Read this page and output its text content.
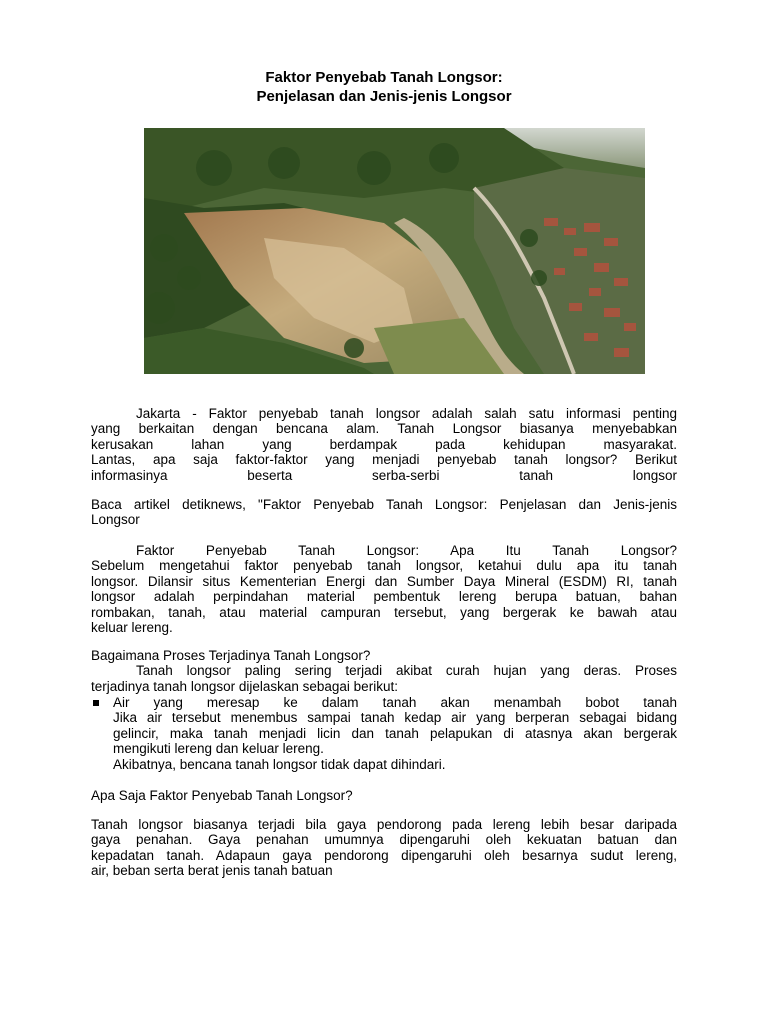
Faktor Penyebab Tanah Longsor:
Penjelasan dan Jenis-jenis Longsor
Jakarta - Faktor penyebab tanah longsor adalah salah satu informasi penting
yang berkaitan dengan bencana alam. Tanah Longsor biasanya menyebabkan
kerusakan lahan yang berdampak pada kehidupan masyarakat.
Lantas, apa saja faktor-faktor yang menjadi penyebab tanah longsor? Berikut
informasinya beserta serba-serbi tanah longsor
Baca artikel detiknews, "Faktor Penyebab Tanah Longsor: Penjelasan dan Jenis-jenis
Longsor
Faktor Penyebab Tanah Longsor: Apa Itu Tanah Longsor?
Sebelum mengetahui faktor penyebab tanah longsor, ketahui dulu apa itu tanah
longsor. Dilansir situs Kementerian Energi dan Sumber Daya Mineral (ESDM) RI, tanah
longsor adalah perpindahan material pembentuk lereng berupa batuan, bahan
rombakan, tanah, atau material campuran tersebut, yang bergerak ke bawah atau
keluar lereng.
Bagaimana Proses Terjadinya Tanah Longsor?
Tanah longsor paling sering terjadi akibat curah hujan yang deras. Proses
terjadinya tanah longsor dijelaskan sebagai berikut:
Air yang meresap ke dalam tanah akan menambah bobot tanah
Jika air tersebut menembus sampai tanah kedap air yang berperan sebagai bidang
gelincir, maka tanah menjadi licin dan tanah pelapukan di atasnya akan bergerak
mengikuti lereng dan keluar lereng.
Akibatnya, bencana tanah longsor tidak dapat dihindari.
Apa Saja Faktor Penyebab Tanah Longsor?
Tanah longsor biasanya terjadi bila gaya pendorong pada lereng lebih besar daripada
gaya penahan. Gaya penahan umumnya dipengaruhi oleh kekuatan batuan dan
kepadatan tanah. Adapaun gaya pendorong dipengaruhi oleh besarnya sudut lereng,
air, beban serta berat jenis tanah batuan
